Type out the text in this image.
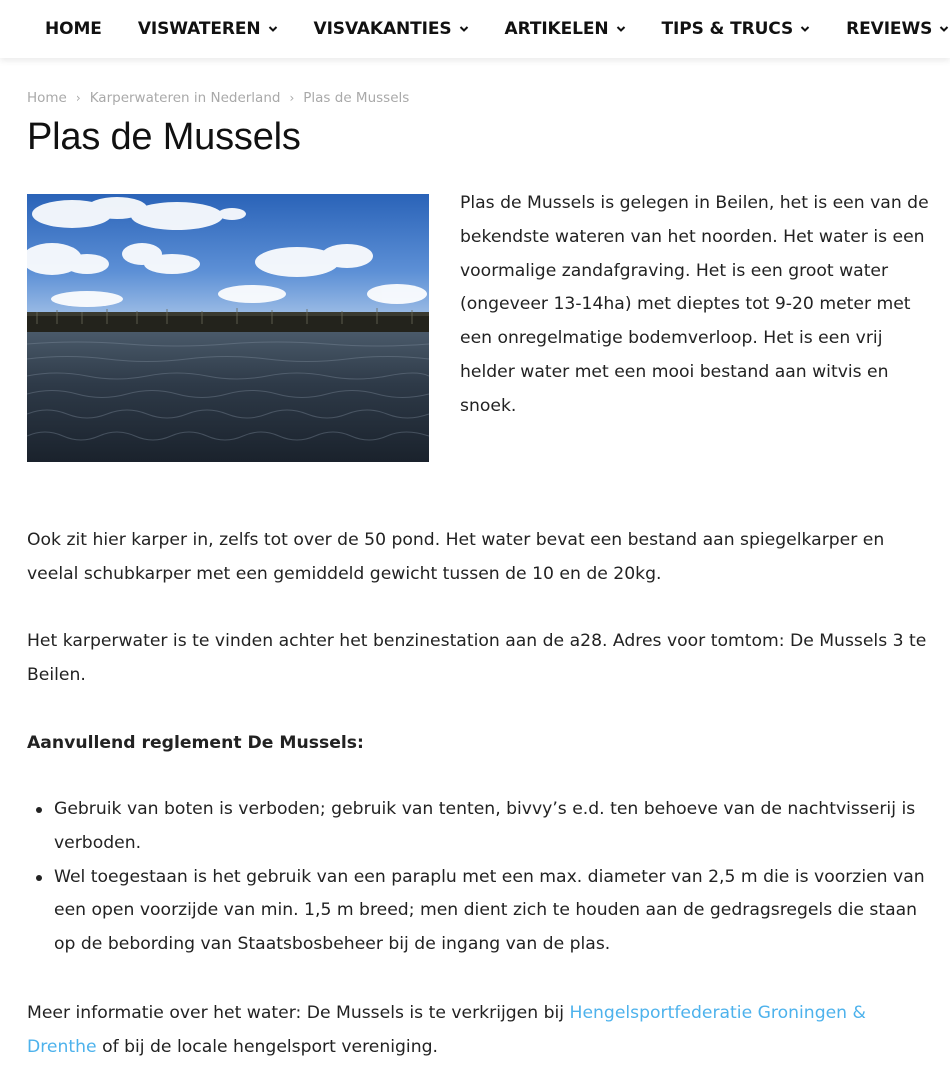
HOME VISWATEREN	VISVAKANTIES	ARTIKELEN	TIPS & TRUCS	REVIEWS
Home › Karperwateren in Nederland › Plas de Mussels
Plas de Mussels

Plas de Mussels is gelegen in Beilen, het is een van de bekendste wateren van het noorden. Het water is een voormalige zandafgraving. Het is een groot water (ongeveer 13-14ha) met dieptes tot 9-20 meter met een onregelmatige bodemverloop. Het is een vrij helder water met een mooi bestand aan witvis en snoek.

Ook zit hier karper in, zelfs tot over de 50 pond. Het water bevat een bestand aan spiegelkarper en veelal schubkarper met een gemiddeld gewicht tussen de 10 en de 20kg.

Het karperwater is te vinden achter het benzinestation aan de a28. Adres voor tomtom: De Mussels 3 te Beilen.

Aanvullend reglement De Mussels:

Gebruik van boten is verboden; gebruik van tenten, bivvy’s e.d. ten behoeve van de nachtvisserij is verboden.
Wel toegestaan is het gebruik van een paraplu met een max. diameter van 2,5 m die is voorzien van een open voorzijde van min. 1,5 m breed; men dient zich te houden aan de gedragsregels die staan op de bebording van Staatsbosbeheer bij de ingang van de plas.

Meer informatie over het water: De Mussels is te verkrijgen bij Hengelsportfederatie Groningen & Drenthe of bij de locale hengelsport vereniging.
